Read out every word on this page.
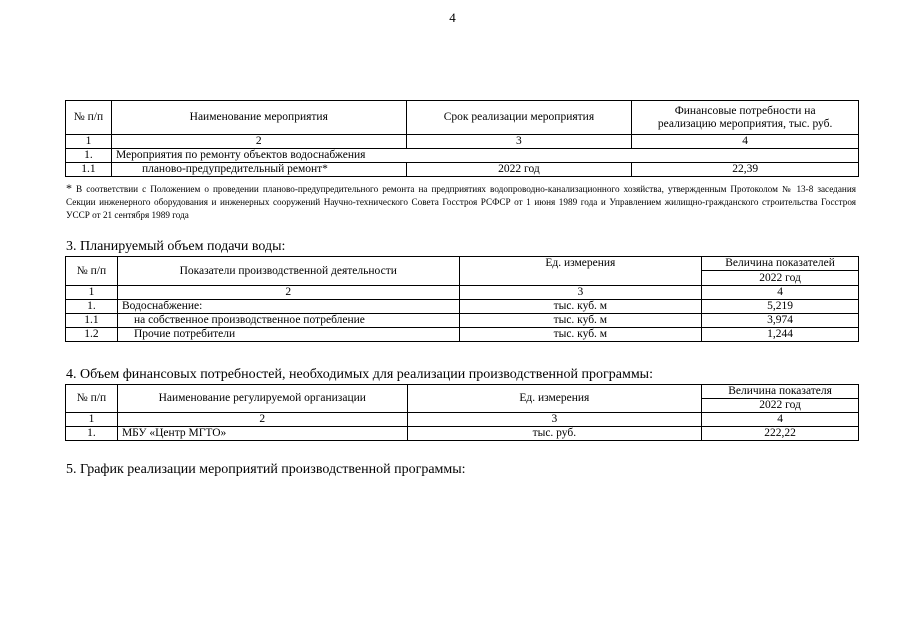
4
№ п/п	Наименование мероприятия	Срок реализации мероприятия	Финансовые потребности на реализацию мероприятия, тыс. руб.
1	2	3	4
1.	Мероприятия по ремонту объектов водоснабжения		
1.1	планово-предупредительный ремонт*	2022 год	22,39
* В соответствии с Положением о проведении планово-предупредительного ремонта на предприятиях водопроводно-канализационного хозяйства, утвержденным Протоколом № 13-8 заседания Секции инженерного оборудования и инженерных сооружений Научно-технического Совета Госстроя РСФСР от 1 июня 1989 года и Управлением жилищно-гражданского строительства Госстроя УССР от 21 сентября 1989 года
3. Планируемый объем подачи воды:
№ п/п	Показатели производственной деятельности	Ед. измерения	Величина показателей
			2022 год
1	2	3	4
1.	Водоснабжение:	тыс. куб. м	5,219
1.1	на собственное производственное потребление	тыс. куб. м	3,974
1.2	Прочие потребители	тыс. куб. м	1,244
4. Объем финансовых потребностей, необходимых для реализации производственной программы:
№ п/п	Наименование регулируемой организации	Ед. измерения	Величина показателя
			2022 год
1	2	3	4
1.	МБУ «Центр МГТО»	тыс. руб.	222,22
5. График реализации мероприятий производственной программы:
